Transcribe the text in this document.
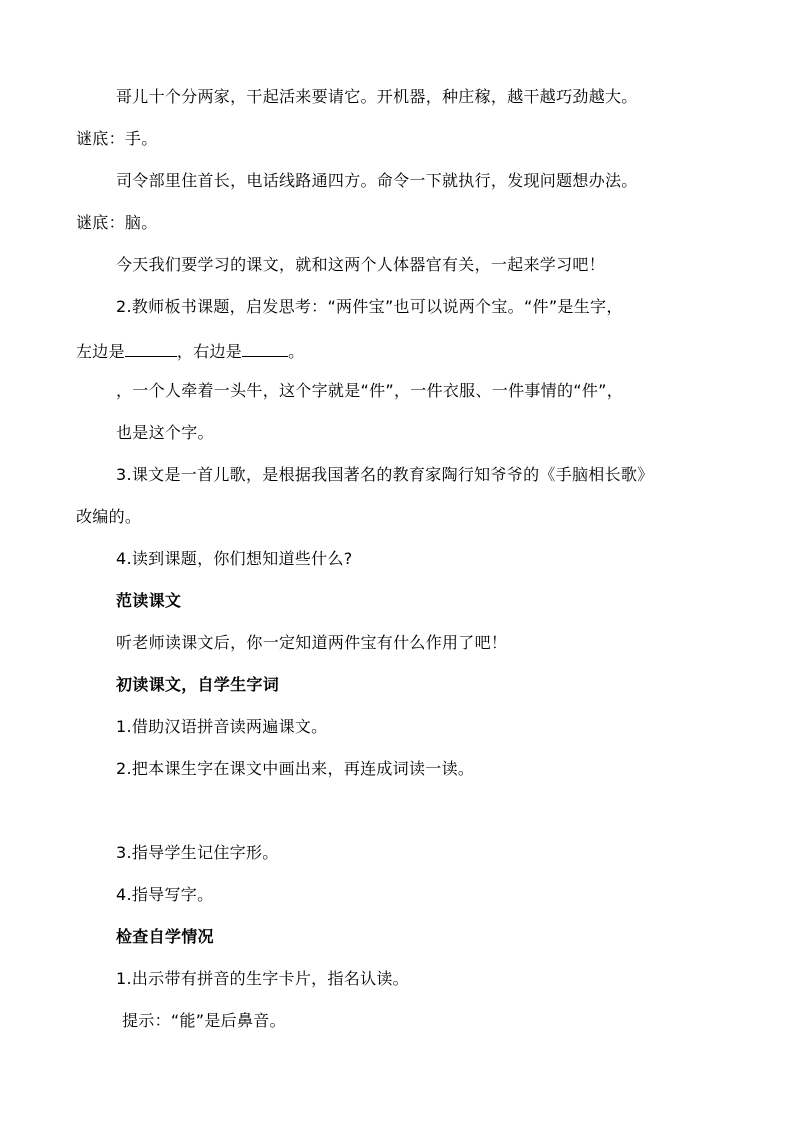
哥儿十个分两家，干起活来要请它。开机器，种庄稼，越干越巧劲越大。
谜底：手。
司令部里住首长，电话线路通四方。命令一下就执行，发现问题想办法。
谜底：脑。
今天我们要学习的课文，就和这两个人体器官有关，一起来学习吧！
2.教师板书课题，启发思考：“两件宝”也可以说两个宝。“件”是生字，
左边是	，右边是	。
，一个人牵着一头牛，这个字就是“件”，一件衣服、一件事情的“件”，
也是这个字。
3.课文是一首儿歌，是根据我国著名的教育家陶行知爷爷的《手脑相长歌》
改编的。
4.读到课题，你们想知道些什么?
范读课文
听老师读课文后，你一定知道两件宝有什么作用了吧！
初读课文，自学生字词
1.借助汉语拼音读两遍课文。
2.把本课生字在课文中画出来，再连成词读一读。
3.指导学生记住字形。
4.指导写字。
检查自学情况
1.出示带有拼音的生字卡片，指名认读。
提示：“能”是后鼻音。
